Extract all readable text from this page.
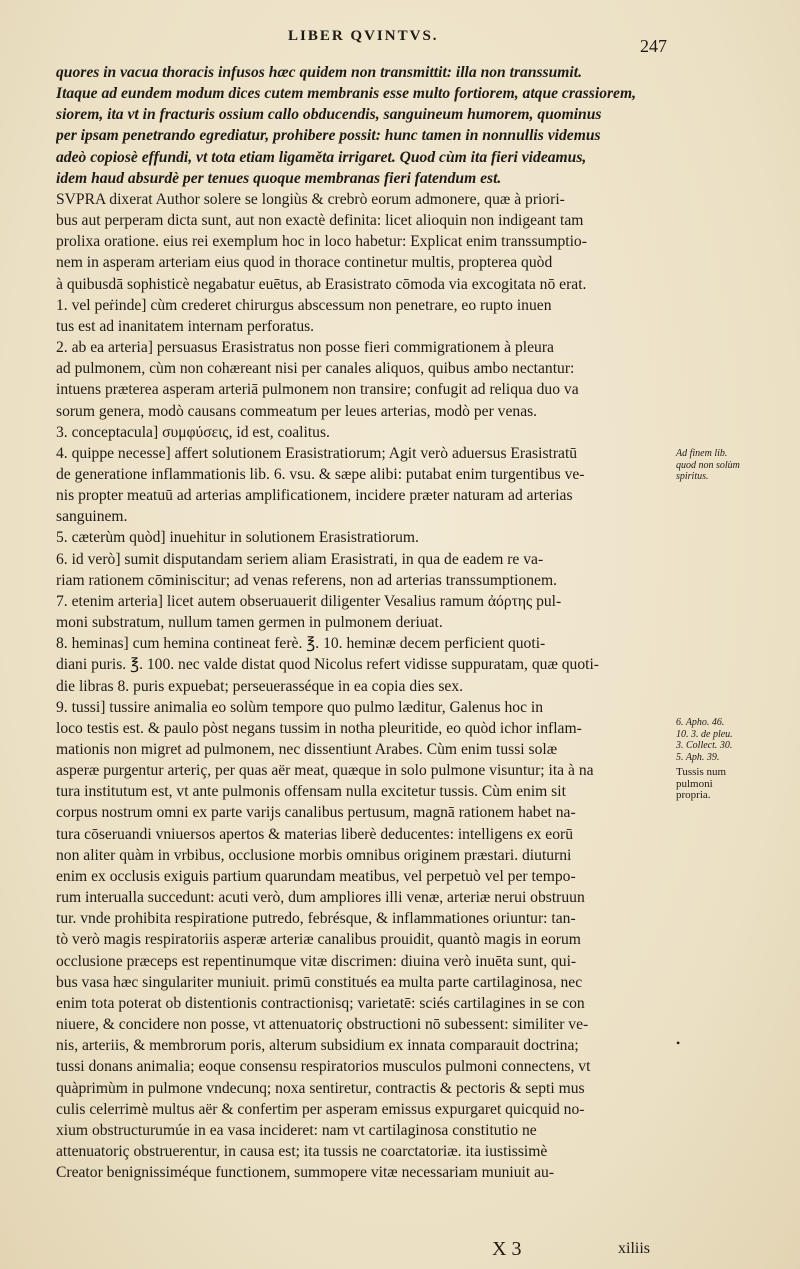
LIBER QVINTVS.	247
quores in vacua thoracis infusos hæc quidem non transmittit: illa non transsumit.
Itaque ad eundem modum dices cutem membranis esse multo fortiorem, atque crassiorem,
siorem, ita vt in fracturis ossium callo obducendis, sanguineum humorem, quominus
per ipsam penetrando egrediatur, prohibere possit: hunc tamen in nonnullis videmus
adeò copiosè effundi, vt tota etiam ligaměta irrigaret. Quod cùm ita fieri videamus,
idem haud absurdè per tenues quoque membranas fieri fatendum est.
SVPRA dixerat Author solere se longiùs & crebrò eorum admonere, quæ à priori-
bus aut perperam dicta sunt, aut non exactè definita: licet alioquin non indigeant tam
prolixa oratione. eius rei exemplum hoc in loco habetur: Explicat enim transsumptio-
nem in asperam arteriam eius quod in thorace continetur multis, propterea quòd
à quibusdā sophisticè negabatur euētus, ab Erasistrato cōmoda via excogitata nō erat.
1. vel peṙinde] cùm crederet chirurgus abscessum non penetrare, eo rupto inuen
tus est ad inanitatem internam perforatus.
2. ab ea arteria] persuasus Erasistratus non posse fieri commigrationem à pleura
ad pulmonem, cùm non cohæreant nisi per canales aliquos, quibus ambo nectantur:
intuens præterea asperam arteriā pulmonem non transire; confugit ad reliqua duo va
sorum genera, modò causans commeatum per leues arterias, modò per venas.
3. conceptacula] συμφύσεις, id est, coalitus.
4. quippe necesse] affert solutionem Erasistratiorum; Agit verò aduersus Erasistratū
de generatione inflammationis lib. 6. vsu. & sæpe alibi: putabat enim turgentibus ve-
nis propter meatuū ad arterias amplificationem, incidere præter naturam ad arterias
sanguinem.
5. cæterùm quòd] inuehitur in solutionem Erasistratiorum.
6. id verò] sumit disputandam seriem aliam Erasistrati, in qua de eadem re va-
riam rationem cōminiscitur; ad venas referens, non ad arterias transsumptionem.
7. etenim arteria] licet autem obseruauerit diligenter Vesalius ramum ἀόρτης pul-
moni substratum, nullum tamen germen in pulmonem deriuat.
8. heminas] cum hemina contineat ferè. ℥. 10. heminæ decem perficient quoti-
diani puris. ℥. 100. nec valde distat quod Nicolus refert vidisse suppuratam, quæ quoti-
die libras 8. puris expuebat; perseuerasséque in ea copia dies sex.
9. tussi] tussire animalia eo solùm tempore quo pulmo læditur, Galenus hoc in
loco testis est. & paulo pòst negans tussim in notha pleuritide, eo quòd ichor inflam-
mationis non migret ad pulmonem, nec dissentiunt Arabes. Cùm enim tussi solæ
asperæ purgentur arteriç, per quas aër meat, quæque in solo pulmone visuntur; ita à na
tura institutum est, vt ante pulmonis offensam nulla excitetur tussis. Cùm enim sit
corpus nostrum omni ex parte varijs canalibus pertusum, magnā rationem habet na-
tura cōseruandi vniuersos apertos & materias liberè deducentes: intelligens ex eorū
non aliter quàm in vrbibus, occlusione morbis omnibus originem præstari. diuturni
enim ex occlusis exiguis partium quarundam meatibus, vel perpetuò vel per tempo-
rum interualla succedunt: acuti verò, dum ampliores illi venæ, arteriæ nerui obstruun
tur. vnde prohibita respiratione putredo, febrésque, & inflammationes oriuntur: tan-
tò verò magis respiratoriis asperæ arteriæ canalibus prouidit, quantò magis in eorum
occlusione præceps est repentinumque vitæ discrimen: diuina verò inuēta sunt, qui-
bus vasa hæc singulariter muniuit. primū constitués ea multa parte cartilaginosa, nec
enim tota poterat ob distentionis contractionisq; varietatē: sciés cartilagines in se con
niuere, & concidere non posse, vt attenuatoriç obstructioni nō subessent: similiter ve-
nis, arteriis, & membrorum poris, alterum subsidium ex innata comparauit doctrina;
tussi donans animalia; eoque consensu respiratorios musculos pulmoni connectens, vt
quàprimùm in pulmone vndecunq; noxa sentiretur, contractis & pectoris & septi mus
culis celerrimè multus aër & confertim per asperam emissus expurgaret quicquid no-
xium obstructurumúe in ea vasa incideret: nam vt cartilaginosa constitutio ne
attenuatoriç obstruerentur, in causa est; ita tussis ne coarctatoriæ. ita iustissimè
Creator benignissiméque functionem, summopere vitæ necessariam muniuit au-
Ad finem lib.
quod non solùm
spiritus.
6. Apho. 46.
10. 3. de pleu.
3. Collect. 30.
5. Aph. 39.
Tussis num
pulmoni
propria.
•
X 3	xiliis
